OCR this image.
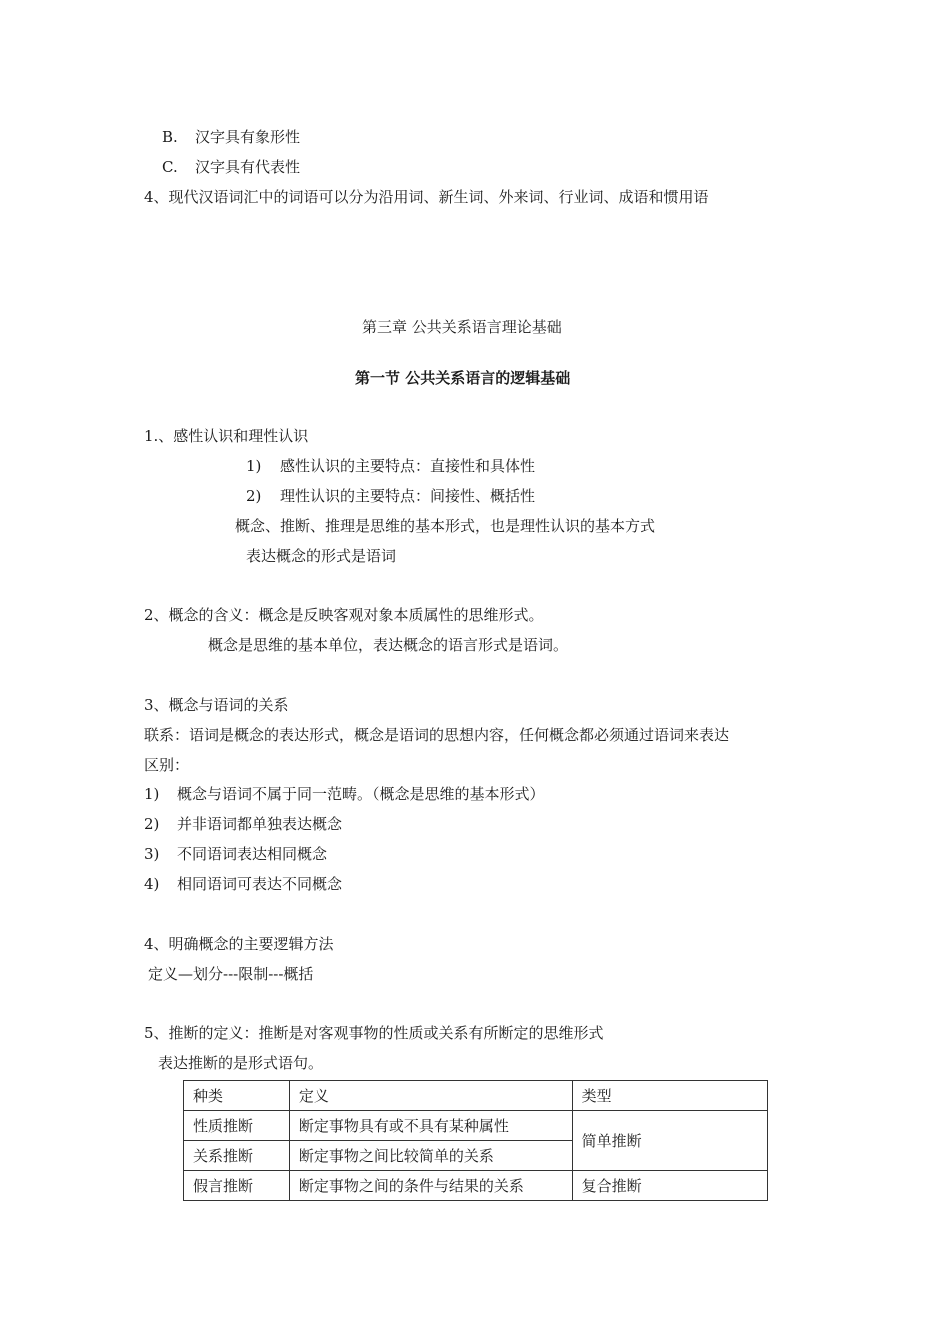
B. 汉字具有象形性
C. 汉字具有代表性
4、现代汉语词汇中的词语可以分为沿用词、新生词、外来词、行业词、成语和惯用语
第三章 公共关系语言理论基础
第一节 公共关系语言的逻辑基础
1.、感性认识和理性认识
1) 感性认识的主要特点：直接性和具体性
2) 理性认识的主要特点：间接性、概括性
概念、推断、推理是思维的基本形式，也是理性认识的基本方式
表达概念的形式是语词
2、概念的含义：概念是反映客观对象本质属性的思维形式。
概念是思维的基本单位，表达概念的语言形式是语词。
3、概念与语词的关系
联系：语词是概念的表达形式，概念是语词的思想内容，任何概念都必须通过语词来表达
区别：
1) 概念与语词不属于同一范畴。（概念是思维的基本形式）
2) 并非语词都单独表达概念
3) 不同语词表达相同概念
4) 相同语词可表达不同概念
4、明确概念的主要逻辑方法
定义—划分---限制---概括
5、推断的定义：推断是对客观事物的性质或关系有所断定的思维形式
表达推断的是形式语句。
种类	定义	类型
性质推断	断定事物具有或不具有某种属性	简单推断
关系推断	断定事物之间比较简单的关系	
假言推断	断定事物之间的条件与结果的关系	复合推断
